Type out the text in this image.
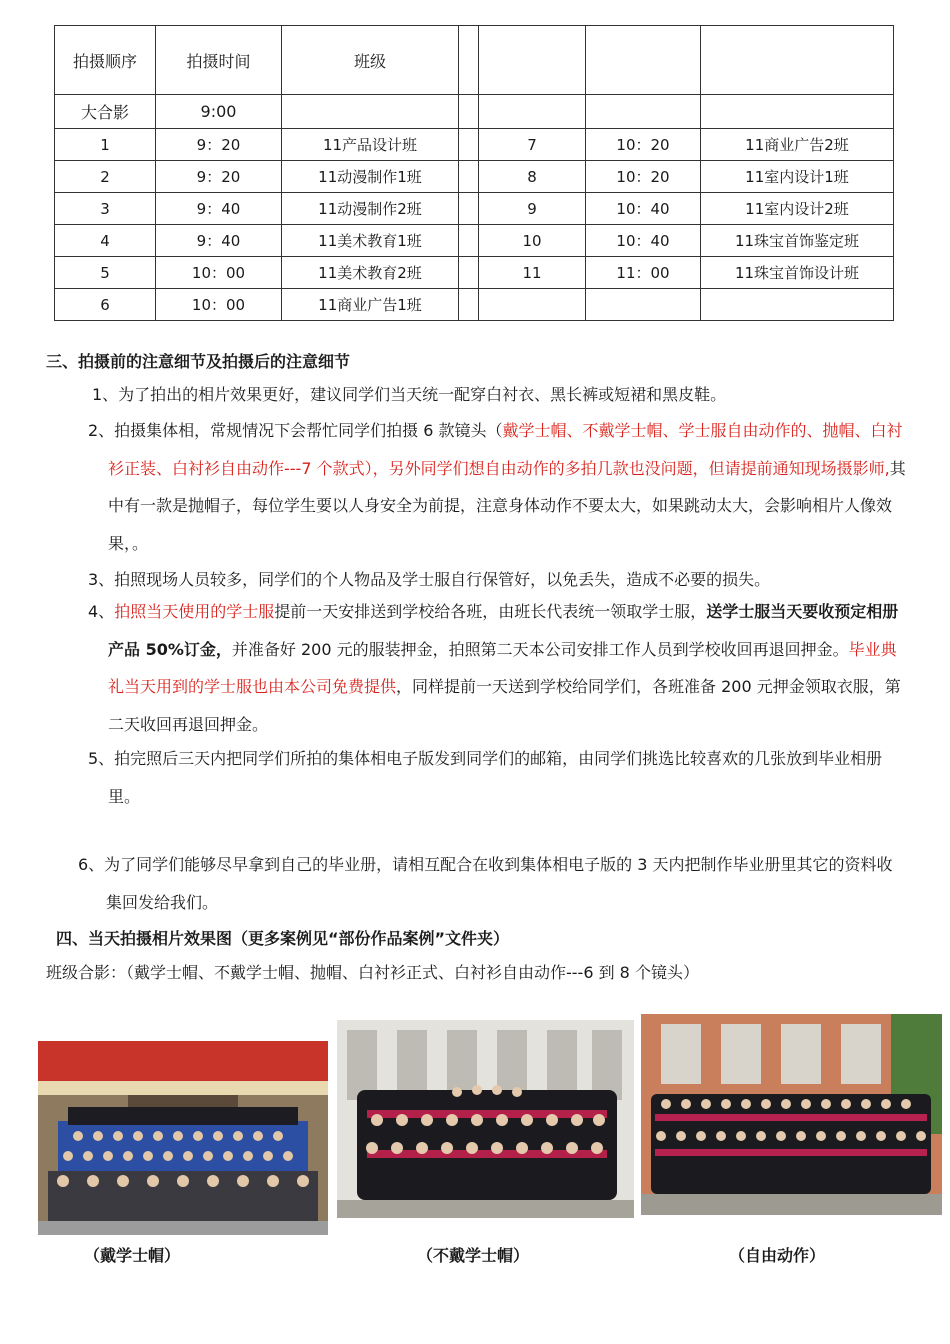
拍摄顺序	拍摄时间	班级				
大合影	9:00					
1	9：20	11产品设计班		7	10：20	11商业广告2班
2	9：20	11动漫制作1班		8	10：20	11室内设计1班
3	9：40	11动漫制作2班		9	10：40	11室内设计2班
4	9：40	11美术教育1班		10	10：40	11珠宝首饰鉴定班
5	10：00	11美术教育2班		11	11：00	11珠宝首饰设计班
6	10：00	11商业广告1班				
三、拍摄前的注意细节及拍摄后的注意细节

1、为了拍出的相片效果更好，建议同学们当天统一配穿白衬衣、黑长裤或短裙和黑皮鞋。

2、拍摄集体相，常规情况下会帮忙同学们拍摄 6 款镜头（戴学士帽、不戴学士帽、学士服自由动作的、抛帽、白衬衫正装、白衬衫自由动作---7 个款式），另外同学们想自由动作的多拍几款也没问题，但请提前通知现场摄影师,其中有一款是抛帽子，每位学生要以人身安全为前提，注意身体动作不要太大，如果跳动太大，会影响相片人像效果，。

3、拍照现场人员较多，同学们的个人物品及学士服自行保管好，以免丢失，造成不必要的损失。

4、拍照当天使用的学士服提前一天安排送到学校给各班，由班长代表统一领取学士服，送学士服当天要收预定相册产品 50%订金，并准备好 200 元的服装押金，拍照第二天本公司安排工作人员到学校收回再退回押金。毕业典礼当天用到的学士服也由本公司免费提供，同样提前一天送到学校给同学们，各班准备 200 元押金领取衣服，第二天收回再退回押金。

5、拍完照后三天内把同学们所拍的集体相电子版发到同学们的邮箱，由同学们挑选比较喜欢的几张放到毕业相册里。

6、为了同学们能够尽早拿到自己的毕业册，请相互配合在收到集体相电子版的 3 天内把制作毕业册里其它的资料收集回发给我们。

四、当天拍摄相片效果图（更多案例见“部份作品案例”文件夹）
班级合影：（戴学士帽、不戴学士帽、抛帽、白衬衫正式、白衬衫自由动作---6 到 8 个镜头）
（戴学士帽）	（不戴学士帽）	（自由动作）
